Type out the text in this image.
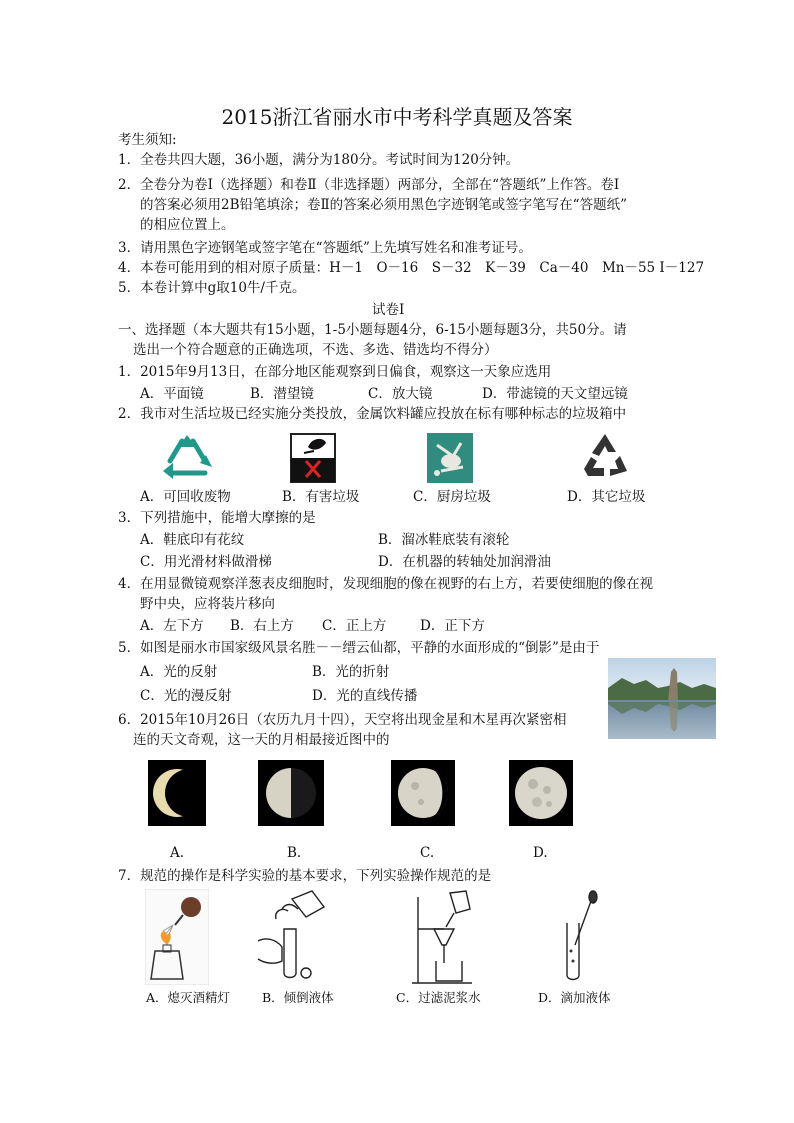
2015浙江省丽水市中考科学真题及答案
考生须知:
1．全卷共四大题，36小题，满分为180分。考试时间为120分钟。
2．全卷分为卷Ⅰ（选择题）和卷Ⅱ（非选择题）两部分，全部在“答题纸”上作答。卷Ⅰ
的答案必须用2B铅笔填涂；卷Ⅱ的答案必须用黑色字迹钢笔或签字笔写在“答题纸”
的相应位置上。
3．请用黑色字迹钢笔或签字笔在“答题纸”上先填写姓名和准考证号。
4．本卷可能用到的相对原子质量：H－1　O－16　S－32　K－39　Ca－40　Mn－55 I－127
5．本卷计算中g取10牛/千克。
试卷Ⅰ
一、选择题（本大题共有15小题，1-5小题每题4分，6-15小题每题3分，共50分。请
选出一个符合题意的正确选项，不选、多选、错选均不得分）
1．2015年9月13日，在部分地区能观察到日偏食，观察这一天象应选用
A．平面镜	B．潜望镜	C．放大镜	D．带滤镜的天文望远镜
2．我市对生活垃圾已经实施分类投放，金属饮料罐应投放在标有哪种标志的垃圾箱中
A．可回收废物	B．有害垃圾	C．厨房垃圾	D．其它垃圾
3．下列措施中，能增大摩擦的是
A．鞋底印有花纹	B．溜冰鞋底装有滚轮
C．用光滑材料做滑梯	D．在机器的转轴处加润滑油
4．在用显微镜观察洋葱表皮细胞时，发现细胞的像在视野的右上方，若要使细胞的像在视
野中央，应将装片移向
A．左下方 B．右上方 C．正上方 D．正下方
5．如图是丽水市国家级风景名胜－－缙云仙都，平静的水面形成的“倒影”是由于
A．光的反射	B．光的折射
C．光的漫反射	D．光的直线传播
6．2015年10月26日（农历九月十四），天空将出现金星和木星再次紧密相
连的天文奇观，这一天的月相最接近图中的
A.	B.	C.	D.
7．规范的操作是科学实验的基本要求，下列实验操作规范的是
A．熄灭酒精灯	B．倾倒液体	C．过滤泥浆水	D．滴加液体
